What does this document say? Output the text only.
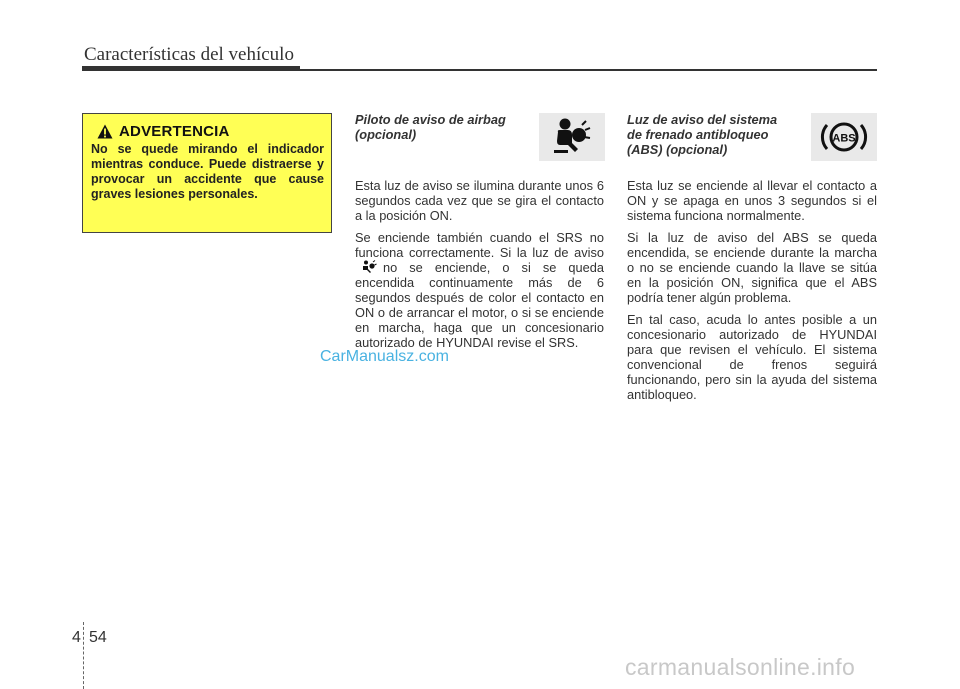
Características del vehículo
ADVERTENCIA
No se quede mirando el indicador mientras conduce. Puede distraerse y provocar un accidente que cause graves lesiones personales.
Piloto de aviso de airbag
(opcional)

Esta luz de aviso se ilumina durante unos 6 segundos cada vez que se gira el contacto a la posición ON.

Se enciende también cuando el SRS no funciona correctamente. Si la luz de avisono se enciende, o si se queda encendida continuamente más de 6 segundos después de color el contacto en ON o de arrancar el motor, o si se enciende en marcha, haga que un concesionario autorizado de HYUNDAI revise el SRS.

Luz de aviso del sistema
de frenado antibloqueo
(ABS) (opcional)
ABS

Esta luz se enciende al llevar el contacto a ON y se apaga en unos 3 segundos si el sistema funciona normalmente.

Si la luz de aviso del ABS se queda encendida, se enciende durante la marcha o no se enciende cuando la llave se sitúa en la posición ON, significa que el ABS podría tener algún problema.

En tal caso, acuda lo antes posible a un concesionario autorizado de HYUNDAI para que revisen el vehículo. El sistema convencional de frenos seguirá funcionando, pero sin la ayuda del sistema antibloqueo.

CarManualsz.com
carmanualsonline.info
4 54
